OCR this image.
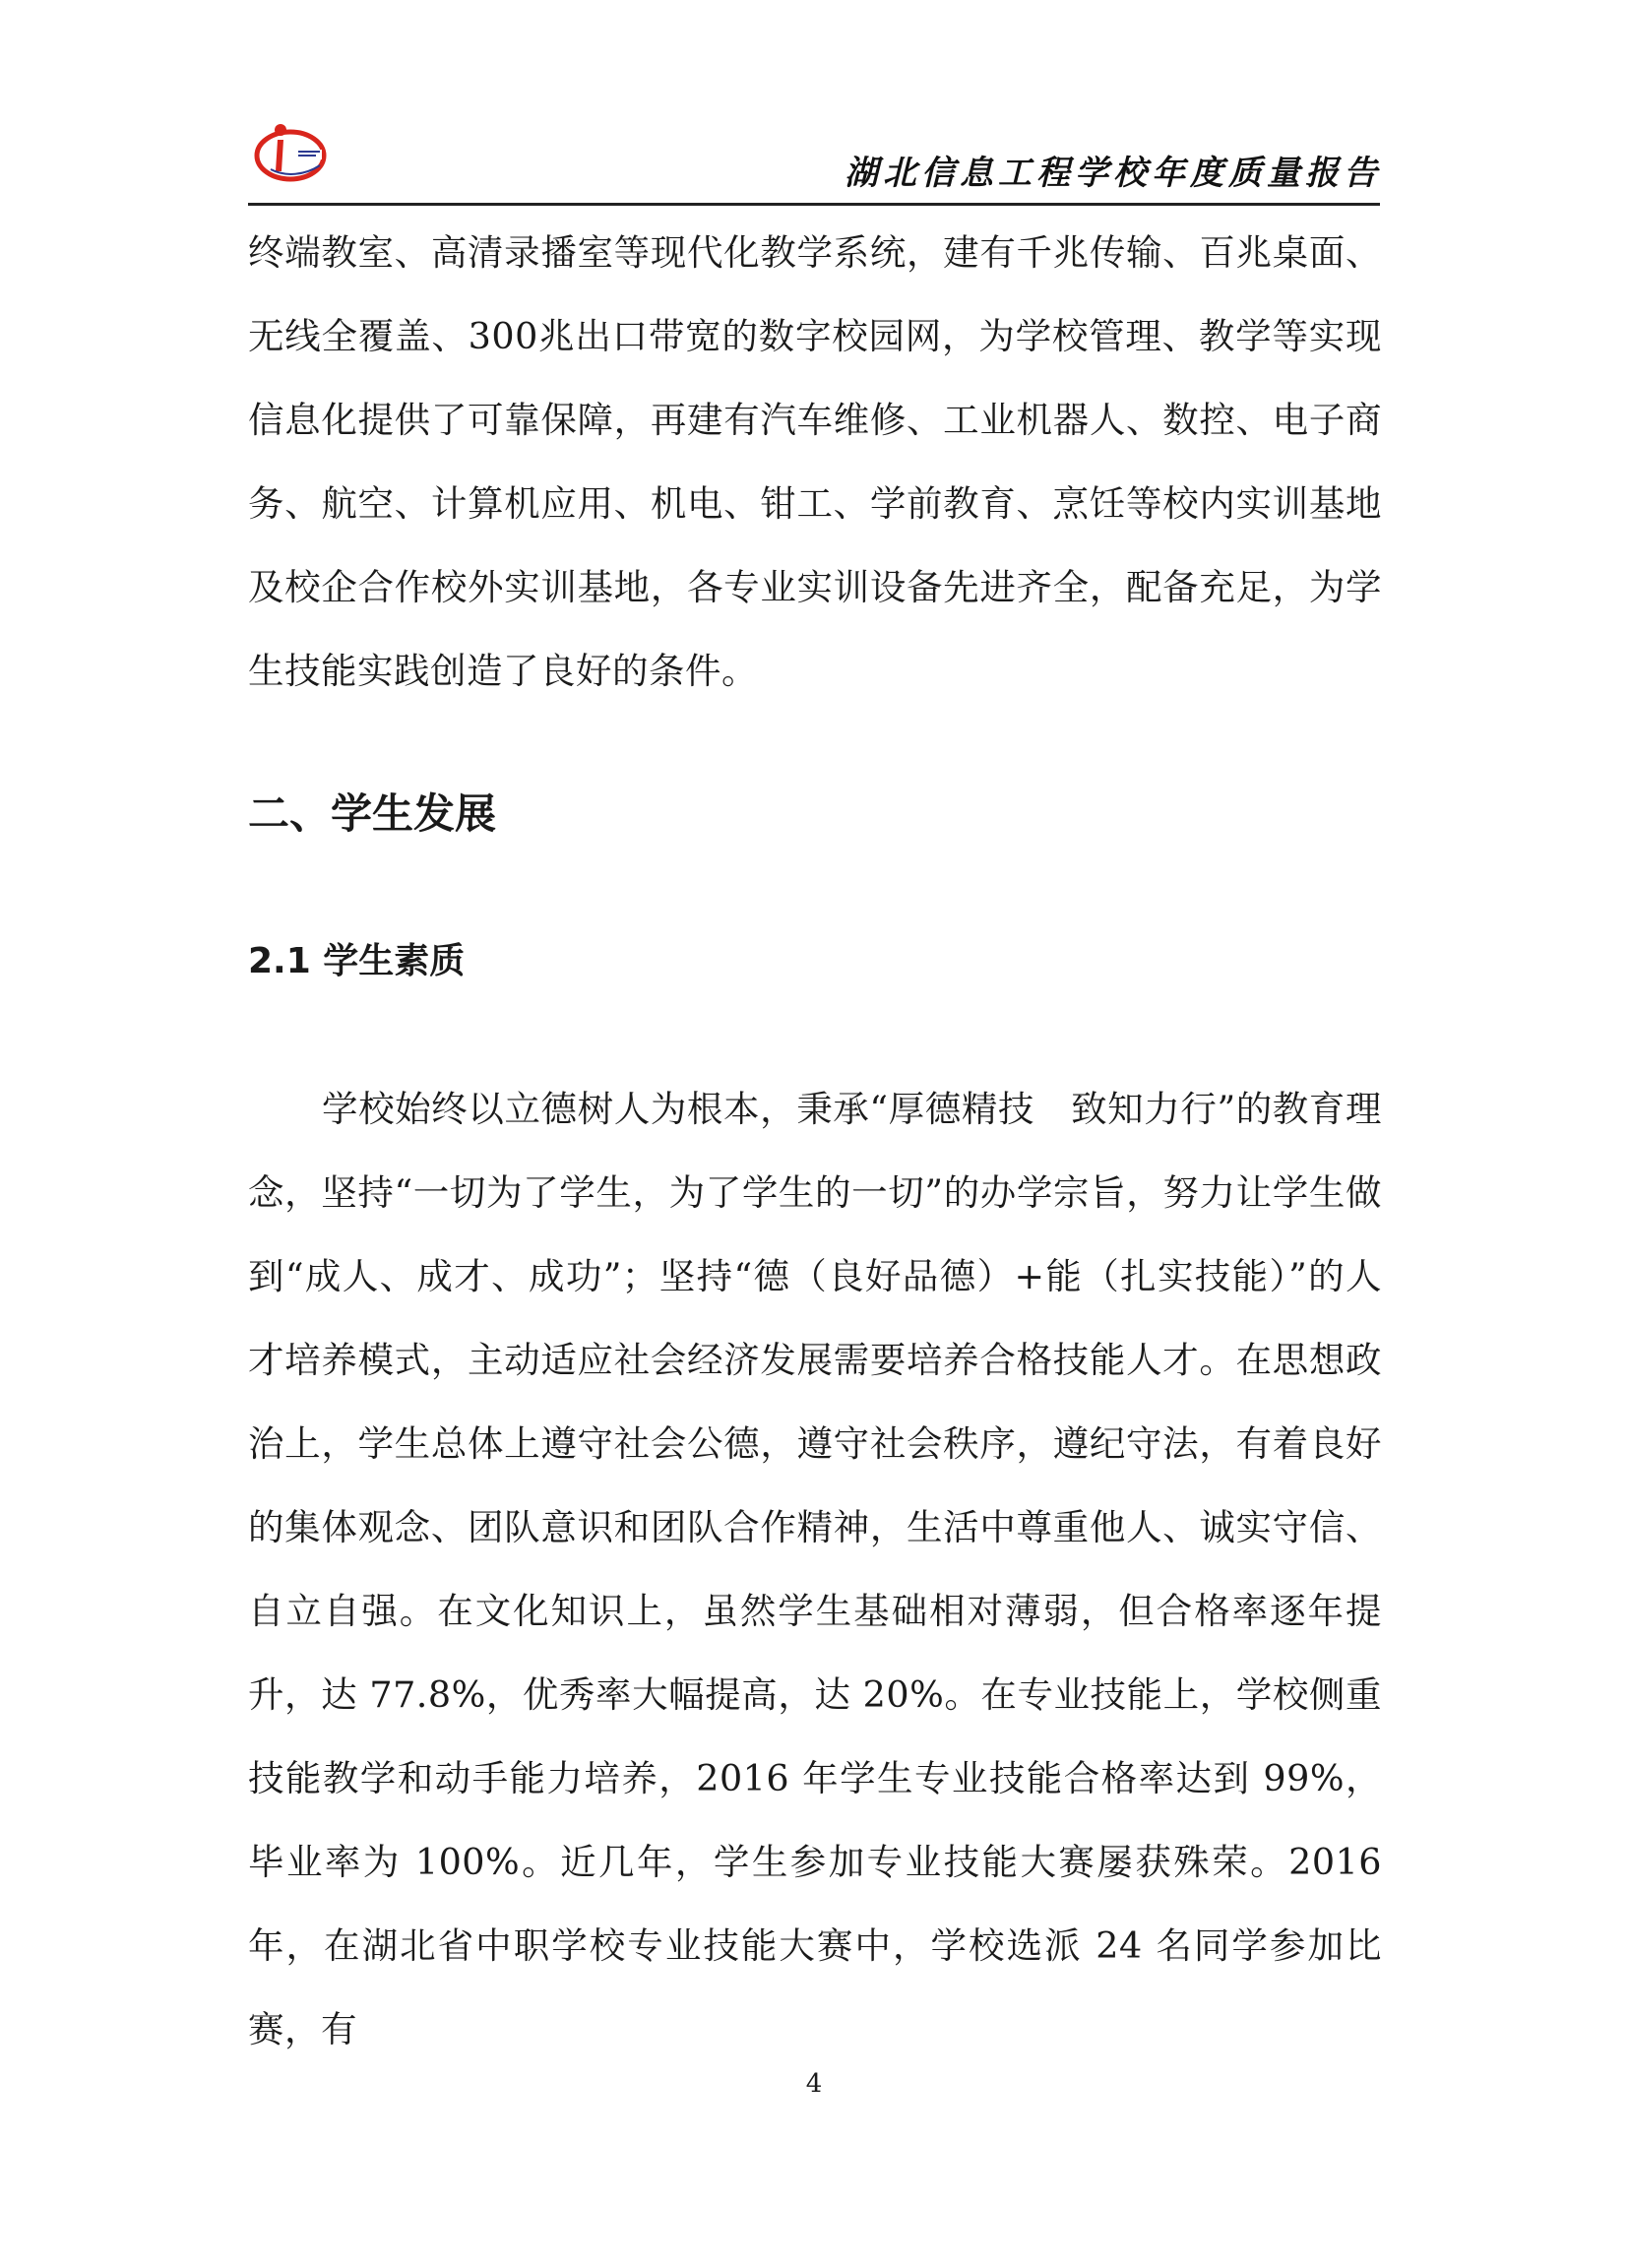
湖北信息工程学校年度质量报告

终端教室、高清录播室等现代化教学系统，建有千兆传输、百兆桌面、无线全覆盖、300兆出口带宽的数字校园网，为学校管理、教学等实现信息化提供了可靠保障，再建有汽车维修、工业机器人、数控、电子商务、航空、计算机应用、机电、钳工、学前教育、烹饪等校内实训基地及校企合作校外实训基地，各专业实训设备先进齐全，配备充足，为学生技能实践创造了良好的条件。

二、学生发展
2.1 学生素质

学校始终以立德树人为根本，秉承“厚德精技　致知力行”的教育理念，坚持“一切为了学生，为了学生的一切”的办学宗旨，努力让学生做到“成人、成才、成功”；坚持“德（良好品德）+能（扎实技能）”的人才培养模式，主动适应社会经济发展需要培养合格技能人才。在思想政治上，学生总体上遵守社会公德，遵守社会秩序，遵纪守法，有着良好的集体观念、团队意识和团队合作精神，生活中尊重他人、诚实守信、自立自强。在文化知识上，虽然学生基础相对薄弱，但合格率逐年提升，达 77.8%，优秀率大幅提高，达 20%。在专业技能上，学校侧重技能教学和动手能力培养，2016 年学生专业技能合格率达到 99%，毕业率为 100%。近几年，学生参加专业技能大赛屡获殊荣。2016 年，在湖北省中职学校专业技能大赛中，学校选派 24 名同学参加比赛，有

4
